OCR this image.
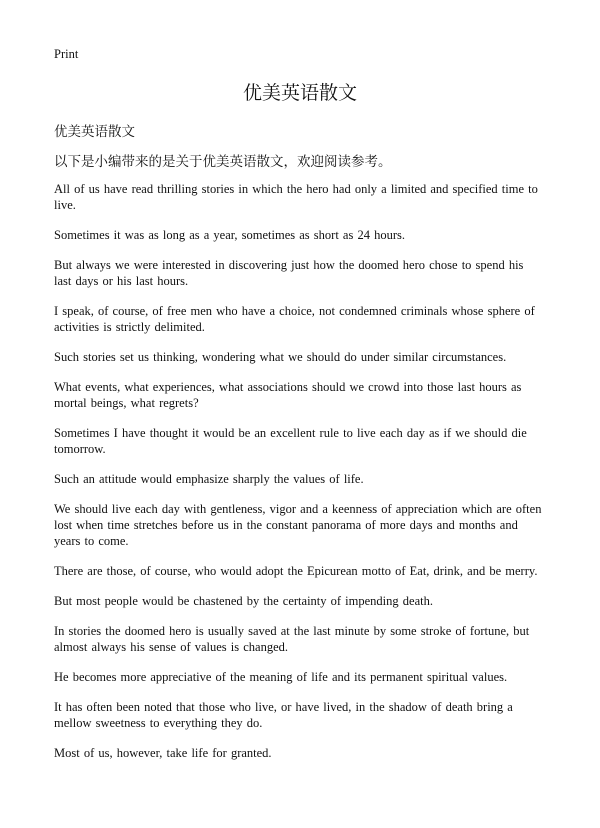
Print
优美英语散文
优美英语散文
以下是小编带来的是关于优美英语散文，欢迎阅读参考。

All of us have read thrilling stories in which the hero had only a limited and specified time to live.

Sometimes it was as long as a year, sometimes as short as 24 hours.

But always we were interested in discovering just how the doomed hero chose to spend his last days or his last hours.

I speak, of course, of free men who have a choice, not condemned criminals whose sphere of activities is strictly delimited.

Such stories set us thinking, wondering what we should do under similar circumstances.

What events, what experiences, what associations should we crowd into those last hours as mortal beings, what regrets?

Sometimes I have thought it would be an excellent rule to live each day as if we should die tomorrow.

Such an attitude would emphasize sharply the values of life.

We should live each day with gentleness, vigor and a keenness of appreciation which are often lost when time stretches before us in the constant panorama of more days and months and years to come.

There are those, of course, who would adopt the Epicurean motto of Eat, drink, and be merry.

But most people would be chastened by the certainty of impending death.

In stories the doomed hero is usually saved at the last minute by some stroke of fortune, but almost always his sense of values is changed.

He becomes more appreciative of the meaning of life and its permanent spiritual values.

It has often been noted that those who live, or have lived, in the shadow of death bring a mellow sweetness to everything they do.

Most of us, however, take life for granted.
